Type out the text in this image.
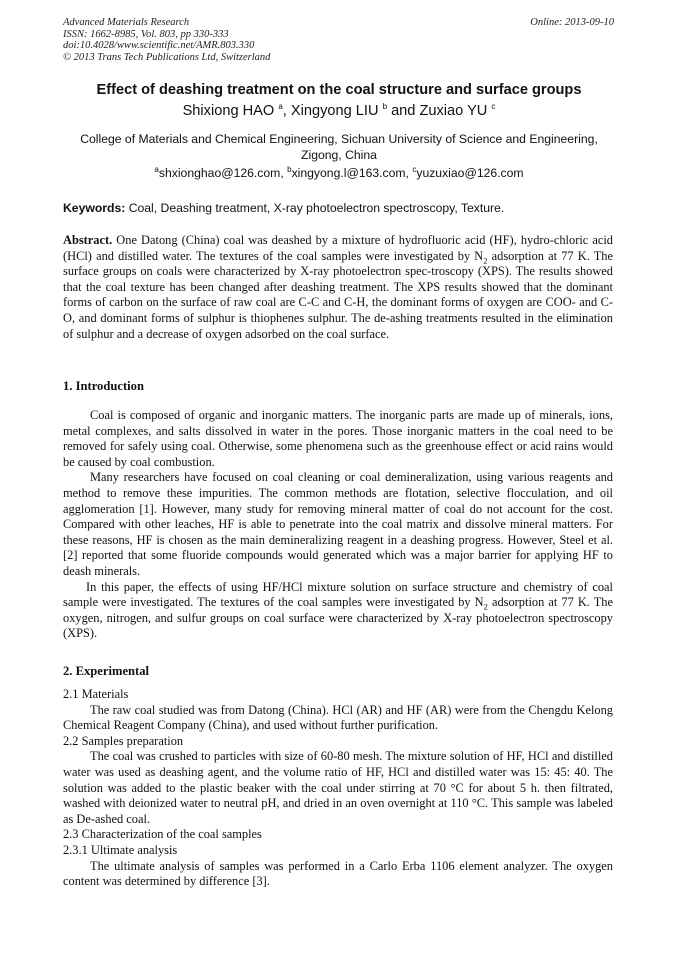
Advanced Materials Research
ISSN: 1662-8985, Vol. 803, pp 330-333
doi:10.4028/www.scientific.net/AMR.803.330
© 2013 Trans Tech Publications Ltd, Switzerland
Online: 2013-09-10
Effect of deashing treatment on the coal structure and surface groups
Shixiong HAO $^a$, Xingyong LIU $^b$ and Zuxiao YU $^c$
College of Materials and Chemical Engineering, Sichuan University of Science and Engineering, Zigong, China
$^a$shxionghao@126.com, $^b$xingyong.l@163.com, $^c$yuzuxiao@126.com
Keywords: Coal, Deashing treatment, X-ray photoelectron spectroscopy, Texture.

Abstract. One Datong (China) coal was deashed by a mixture of hydrofluoric acid (HF), hydro-chloric acid (HCl) and distilled water. The textures of the coal samples were investigated by $N_2$ adsorption at 77 K. The surface groups on coals were characterized by X-ray photoelectron spec-troscopy (XPS). The results showed that the coal texture has been changed after deashing treatment. The XPS results showed that the dominant forms of carbon on the surface of raw coal are C-C and C-H, the dominant forms of oxygen are COO- and C-O, and dominant forms of sulphur is thiophenes sulphur. The de-ashing treatments resulted in the elimination of sulphur and a decrease of oxygen adsorbed on the coal surface.

1. Introduction

Coal is composed of organic and inorganic matters. The inorganic parts are made up of minerals, ions, metal complexes, and salts dissolved in water in the pores. Those inorganic matters in the coal need to be removed for safely using coal. Otherwise, some phenomena such as the greenhouse effect or acid rains would be caused by coal combustion.

Many researchers have focused on coal cleaning or coal demineralization, using various reagents and method to remove these impurities. The common methods are flotation, selective flocculation, and oil agglomeration [1]. However, many study for removing mineral matter of coal do not account for the cost. Compared with other leaches, HF is able to penetrate into the coal matrix and dissolve mineral matters. For these reasons, HF is chosen as the main demineralizing reagent in a deashing progress. However, Steel et al.[2] reported that some fluoride compounds would generated which was a major barrier for applying HF to deash minerals.

In this paper, the effects of using HF/HCl mixture solution on surface structure and chemistry of coal sample were investigated. The textures of the coal samples were investigated by $N_2$ adsorption at 77 K. The oxygen, nitrogen, and sulfur groups on coal surface were characterized by X-ray photoelectron spectroscopy (XPS).

2. Experimental

2.1 Materials

The raw coal studied was from Datong (China). HCl (AR) and HF (AR) were from the Chengdu Kelong Chemical Reagent Company (China), and used without further purification.

2.2 Samples preparation

The coal was crushed to particles with size of 60-80 mesh. The mixture solution of HF, HCl and distilled water was used as deashing agent, and the volume ratio of HF, HCl and distilled water was 15: 45: 40. The solution was added to the plastic beaker with the coal under stirring at 70 °C for about 5 h. then filtrated, washed with deionized water to neutral pH, and dried in an oven overnight at 110 °C. This sample was labeled as De-ashed coal.

2.3 Characterization of the coal samples

2.3.1 Ultimate analysis

The ultimate analysis of samples was performed in a Carlo Erba 1106 element analyzer. The oxygen content was determined by difference [3].
